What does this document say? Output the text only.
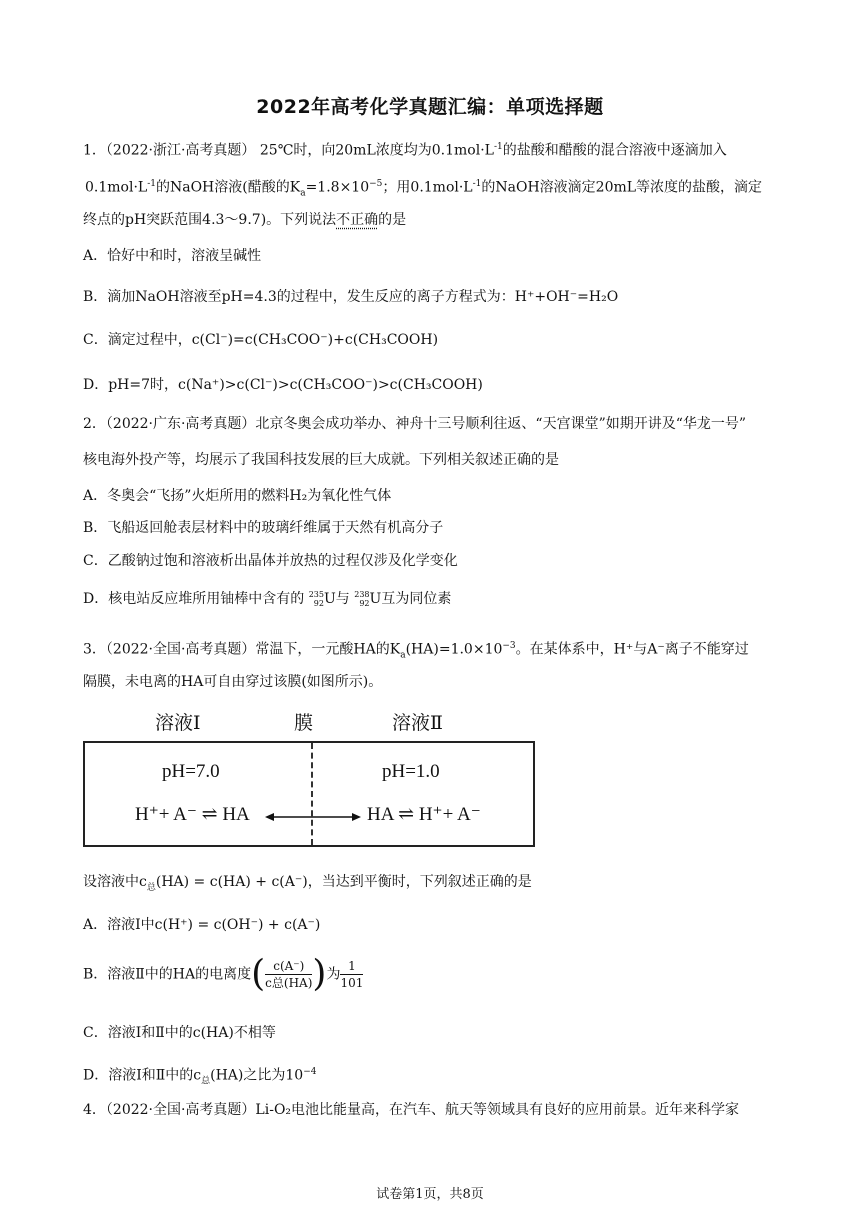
2022年高考化学真题汇编：单项选择题
1．（2022·浙江·高考真题） 25℃时，向20mL浓度均为$0.1mol\cdot L^{-1}$的盐酸和醋酸的混合溶液中逐滴加入
$0.1mol\cdot L^{-1}$的NaOH溶液(醋酸的$K_a=1.8\times 10^{-5}$；用$0.1mol\cdot L^{-1}$的NaOH溶液滴定20mL等浓度的盐酸，滴定
终点的pH突跃范围4.3～9.7)。下列说法不正确的是
A．恰好中和时，溶液呈碱性
B．滴加NaOH溶液至pH=4.3的过程中，发生反应的离子方程式为：H⁺+OH⁻=H₂O
C．滴定过程中，c(Cl⁻)=c(CH₃COO⁻)+c(CH₃COOH)
D．pH=7时，c(Na⁺)>c(Cl⁻)>c(CH₃COO⁻)>c(CH₃COOH)
2．（2022·广东·高考真题）北京冬奥会成功举办、神舟十三号顺利往返、“天宫课堂”如期开讲及“华龙一号”
核电海外投产等，均展示了我国科技发展的巨大成就。下列相关叙述正确的是
A．冬奥会“飞扬”火炬所用的燃料H₂为氧化性气体
B．飞船返回舱表层材料中的玻璃纤维属于天然有机高分子
C．乙酸钠过饱和溶液析出晶体并放热的过程仅涉及化学变化
D．核电站反应堆所用铀棒中含有的 235
92 U与 238
92 U互为同位素
3．（2022·全国·高考真题）常温下，一元酸HA的$K_a(HA)=1.0\times 10^{-3}$。在某体系中，H⁺与A⁻离子不能穿过
隔膜，未电离的HA可自由穿过该膜(如图所示)。
溶液Ⅰ	膜	溶液Ⅱ
pH=7.0	pH=1.0
H⁺+ A⁻ ⇌ HA	HA ⇌ H⁺+ A⁻
设溶液中$c_总(HA) = c(HA) + c(A^-)$，当达到平衡时，下列叙述正确的是
A．溶液Ⅰ中c(H⁺) = c(OH⁻) + c(A⁻)
B．溶液Ⅱ中的HA的电离度( $\frac{c(A^-)}{\text{c总(HA)}}$ )为 $\frac{1}{101}$
C．溶液Ⅰ和Ⅱ中的c(HA)不相等
D．溶液Ⅰ和Ⅱ中的$c_总(HA)$之比为$10^{-4}$
4．（2022·全国·高考真题）Li-O₂电池比能量高，在汽车、航天等领域具有良好的应用前景。近年来科学家
试卷第1页，共8页
